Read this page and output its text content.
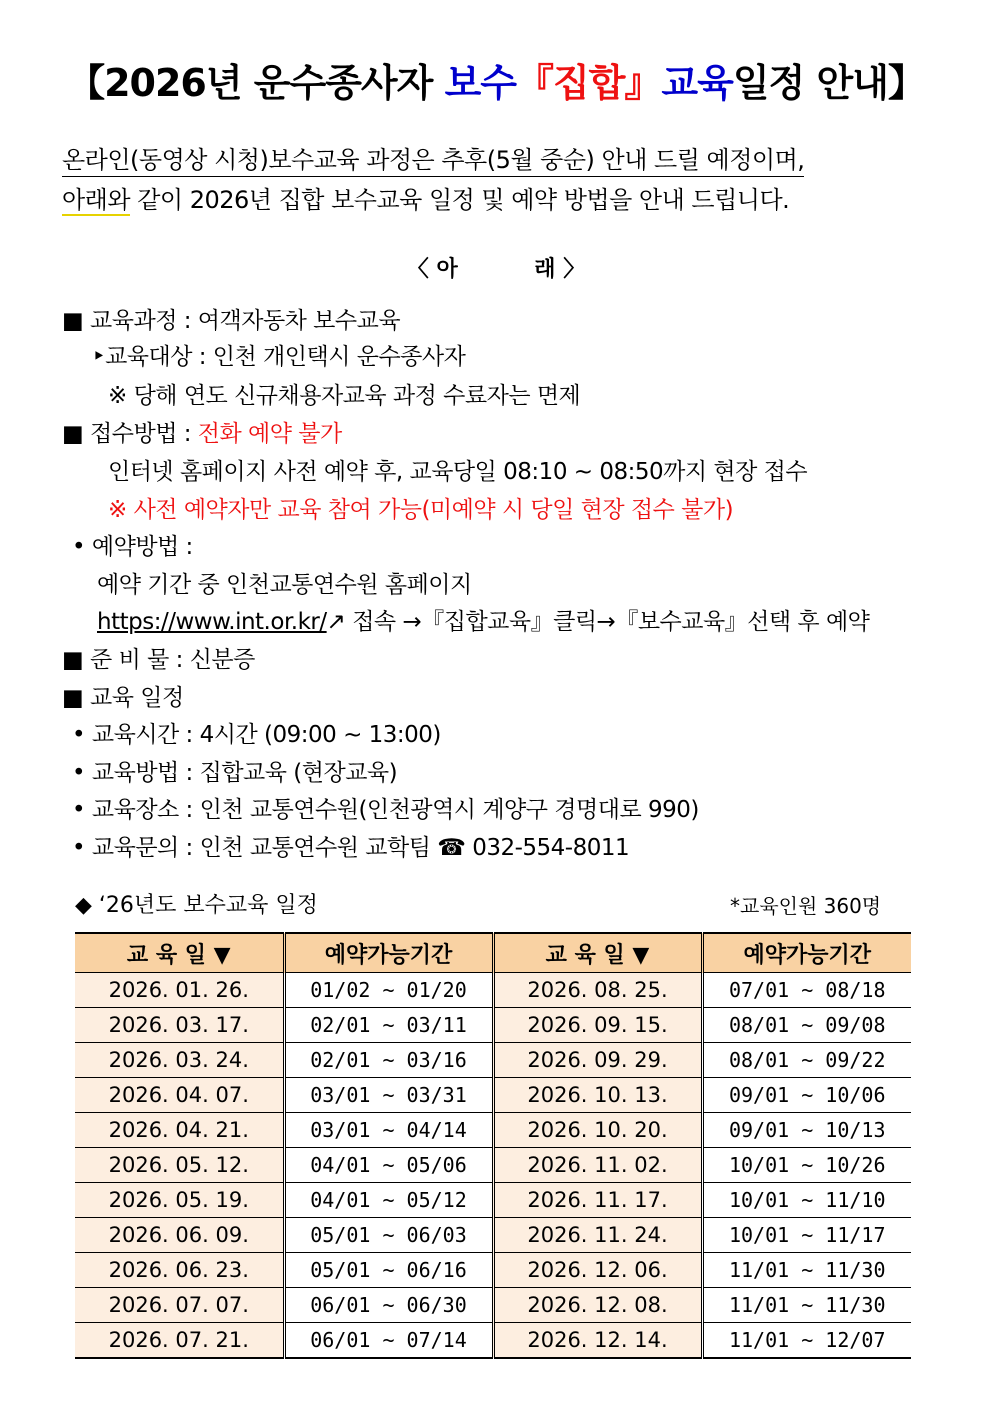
【2026년 운수종사자 보수『집합』교육일정 안내】
온라인(동영상 시청)보수교육 과정은 추후(5월 중순) 안내 드릴 예정이며,
아래와 같이 2026년 집합 보수교육 일정 및 예약 방법을 안내 드립니다.
〈 아          래 〉
■ 교육과정 : 여객자동차 보수교육
‣교육대상 : 인천 개인택시 운수종사자
※ 당해 연도 신규채용자교육 과정 수료자는 면제
■ 접수방법 : 전화 예약 불가
인터넷 홈페이지 사전 예약 후, 교육당일 08:10 ~ 08:50까지 현장 접수
※ 사전 예약자만 교육 참여 가능(미예약 시 당일 현장 접수 불가)
• 예약방법 :
예약 기간 중 인천교통연수원 홈페이지
https://www.int.or.kr/↗ 접속 →『집합교육』클릭→『보수교육』선택 후 예약
■ 준 비 물 : 신분증
■ 교육 일정
• 교육시간 : 4시간 (09:00 ~ 13:00)
• 교육방법 : 집합교육 (현장교육)
• 교육장소 : 인천 교통연수원(인천광역시 계양구 경명대로 990)
• 교육문의 : 인천 교통연수원 교학팀 ☎ 032-554-8011
◆ ‘26년도 보수교육 일정	*교육인원 360명
교 육 일 ▼	예약가능기간	교 육 일 ▼	예약가능기간
2026. 01. 26.	01/02 ~ 01/20	2026. 08. 25.	07/01 ~ 08/18
2026. 03. 17.	02/01 ~ 03/11	2026. 09. 15.	08/01 ~ 09/08
2026. 03. 24.	02/01 ~ 03/16	2026. 09. 29.	08/01 ~ 09/22
2026. 04. 07.	03/01 ~ 03/31	2026. 10. 13.	09/01 ~ 10/06
2026. 04. 21.	03/01 ~ 04/14	2026. 10. 20.	09/01 ~ 10/13
2026. 05. 12.	04/01 ~ 05/06	2026. 11. 02.	10/01 ~ 10/26
2026. 05. 19.	04/01 ~ 05/12	2026. 11. 17.	10/01 ~ 11/10
2026. 06. 09.	05/01 ~ 06/03	2026. 11. 24.	10/01 ~ 11/17
2026. 06. 23.	05/01 ~ 06/16	2026. 12. 06.	11/01 ~ 11/30
2026. 07. 07.	06/01 ~ 06/30	2026. 12. 08.	11/01 ~ 11/30
2026. 07. 21.	06/01 ~ 07/14	2026. 12. 14.	11/01 ~ 12/07
